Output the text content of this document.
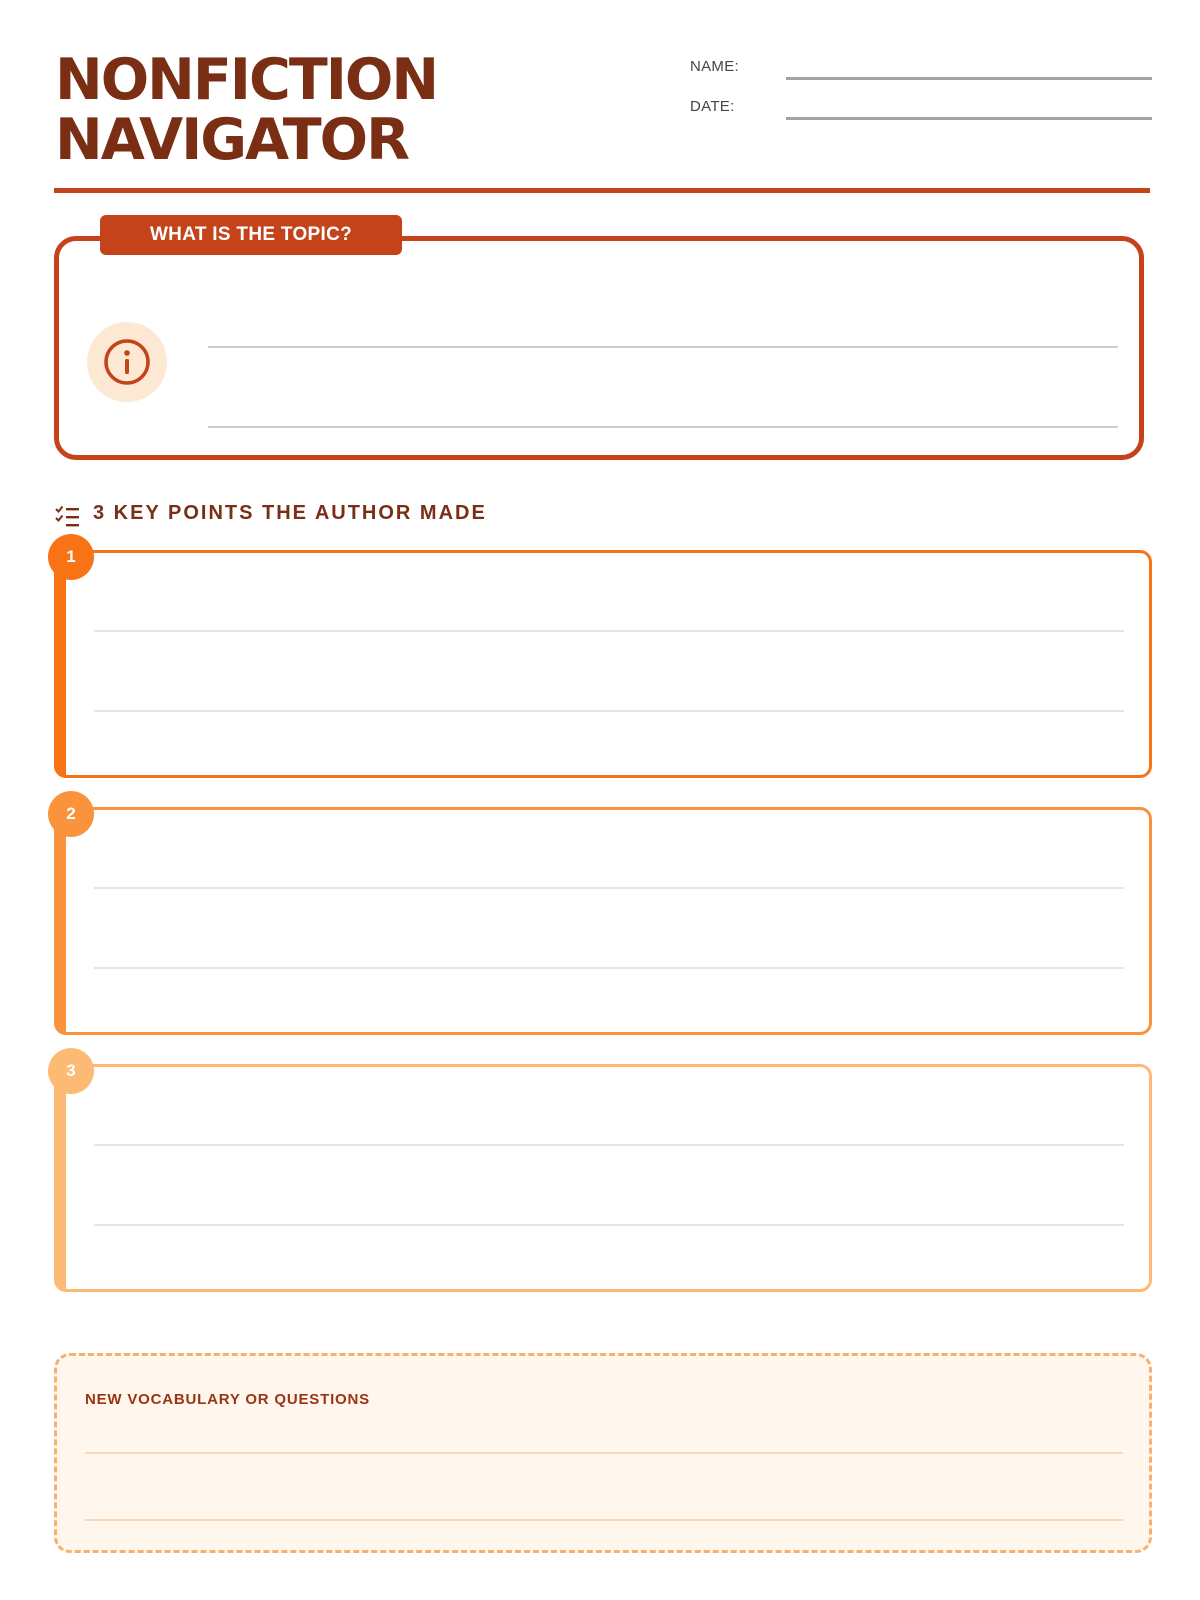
NONFICTION
NAVIGATOR
NAME:
DATE:
WHAT IS THE TOPIC?
3 KEY POINTS THE AUTHOR MADE
1
2
3
NEW VOCABULARY OR QUESTIONS
